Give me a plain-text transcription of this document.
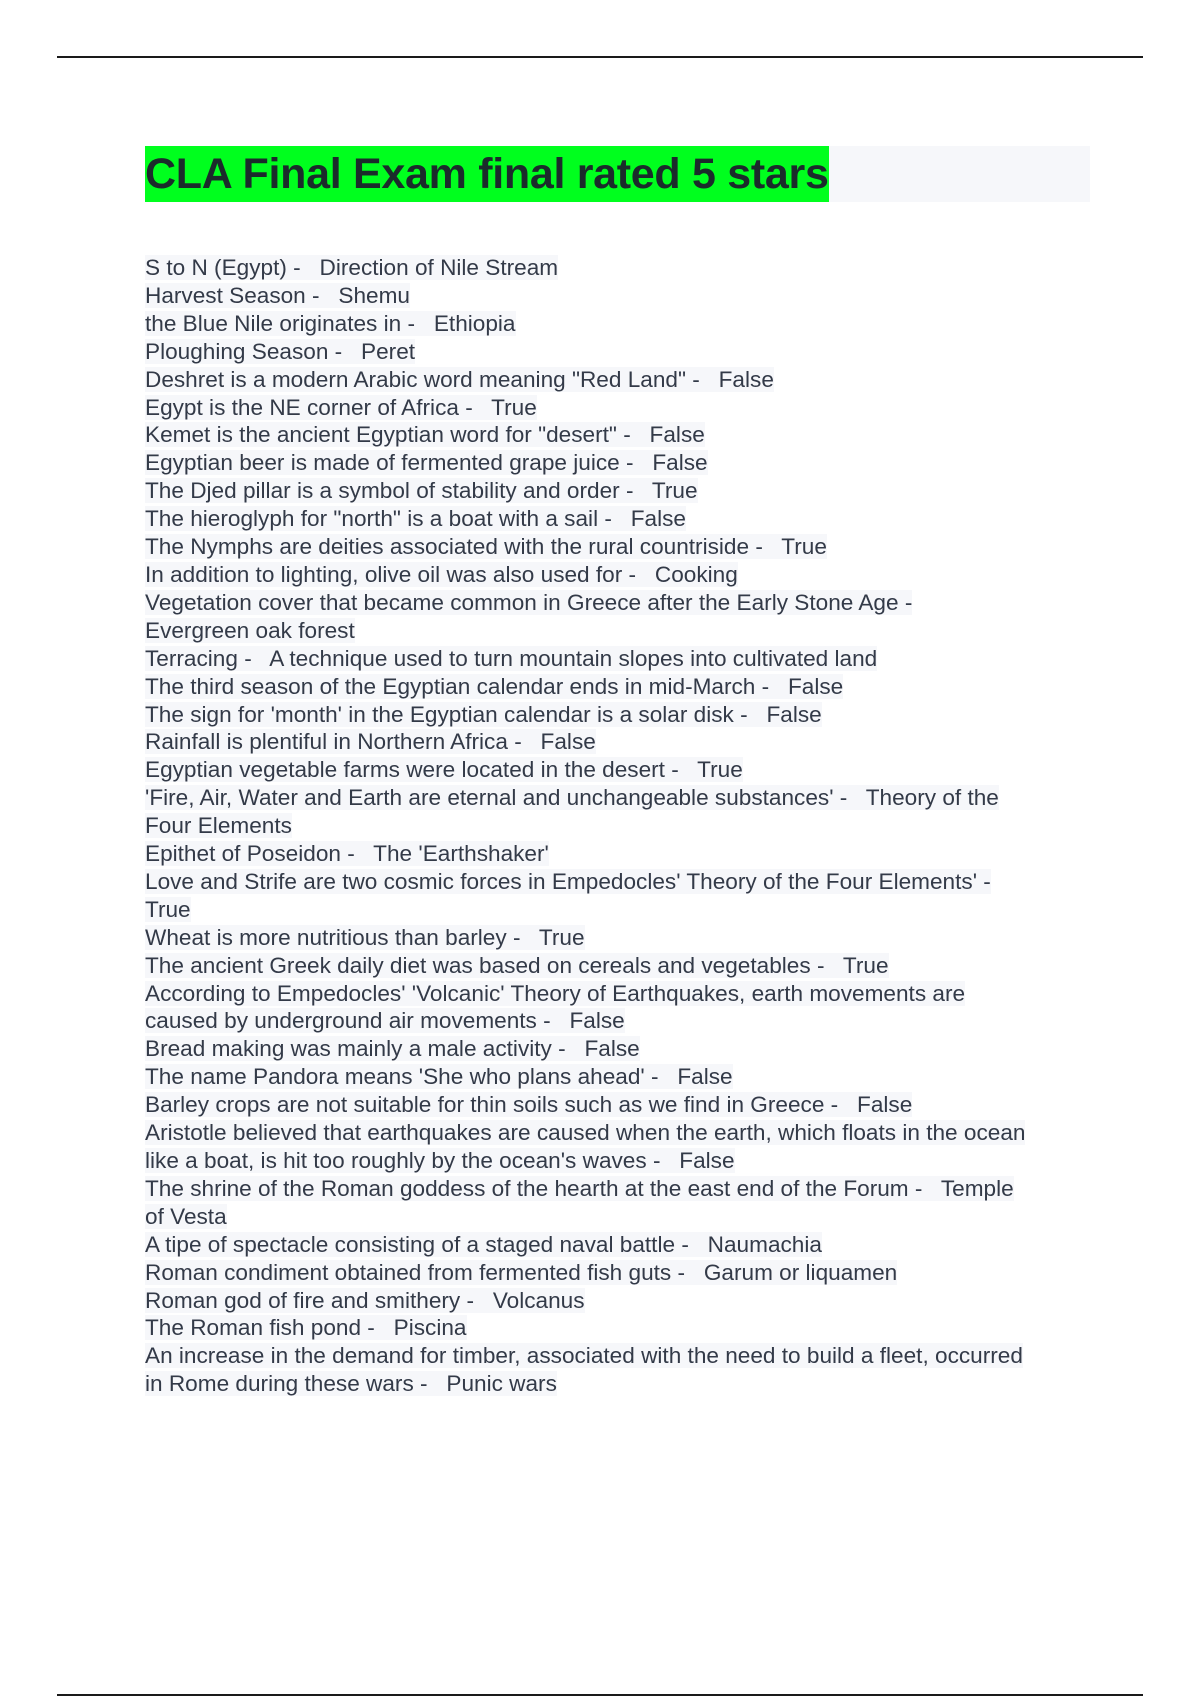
CLA Final Exam final rated 5 stars
S to N (Egypt) -   Direction of Nile Stream
Harvest Season -   Shemu
the Blue Nile originates in -   Ethiopia
Ploughing Season -   Peret
Deshret is a modern Arabic word meaning "Red Land" -   False
Egypt is the NE corner of Africa -   True
Kemet is the ancient Egyptian word for "desert" -   False
Egyptian beer is made of fermented grape juice -   False
The Djed pillar is a symbol of stability and order -   True
The hieroglyph for "north" is a boat with a sail -   False
The Nymphs are deities associated with the rural countriside -   True
In addition to lighting, olive oil was also used for -   Cooking
Vegetation cover that became common in Greece after the Early Stone Age -
Evergreen oak forest
Terracing -   A technique used to turn mountain slopes into cultivated land
The third season of the Egyptian calendar ends in mid-March -   False
The sign for 'month' in the Egyptian calendar is a solar disk -   False
Rainfall is plentiful in Northern Africa -   False
Egyptian vegetable farms were located in the desert -   True
'Fire, Air, Water and Earth are eternal and unchangeable substances' -   Theory of the
Four Elements
Epithet of Poseidon -   The 'Earthshaker'
Love and Strife are two cosmic forces in Empedocles' Theory of the Four Elements' -
True
Wheat is more nutritious than barley -   True
The ancient Greek daily diet was based on cereals and vegetables -   True
According to Empedocles' 'Volcanic' Theory of Earthquakes, earth movements are
caused by underground air movements -   False
Bread making was mainly a male activity -   False
The name Pandora means 'She who plans ahead' -   False
Barley crops are not suitable for thin soils such as we find in Greece -   False
Aristotle believed that earthquakes are caused when the earth, which floats in the ocean
like a boat, is hit too roughly by the ocean's waves -   False
The shrine of the Roman goddess of the hearth at the east end of the Forum -   Temple
of Vesta
A tipe of spectacle consisting of a staged naval battle -   Naumachia
Roman condiment obtained from fermented fish guts -   Garum or liquamen
Roman god of fire and smithery -   Volcanus
The Roman fish pond -   Piscina
An increase in the demand for timber, associated with the need to build a fleet, occurred
in Rome during these wars -   Punic wars
